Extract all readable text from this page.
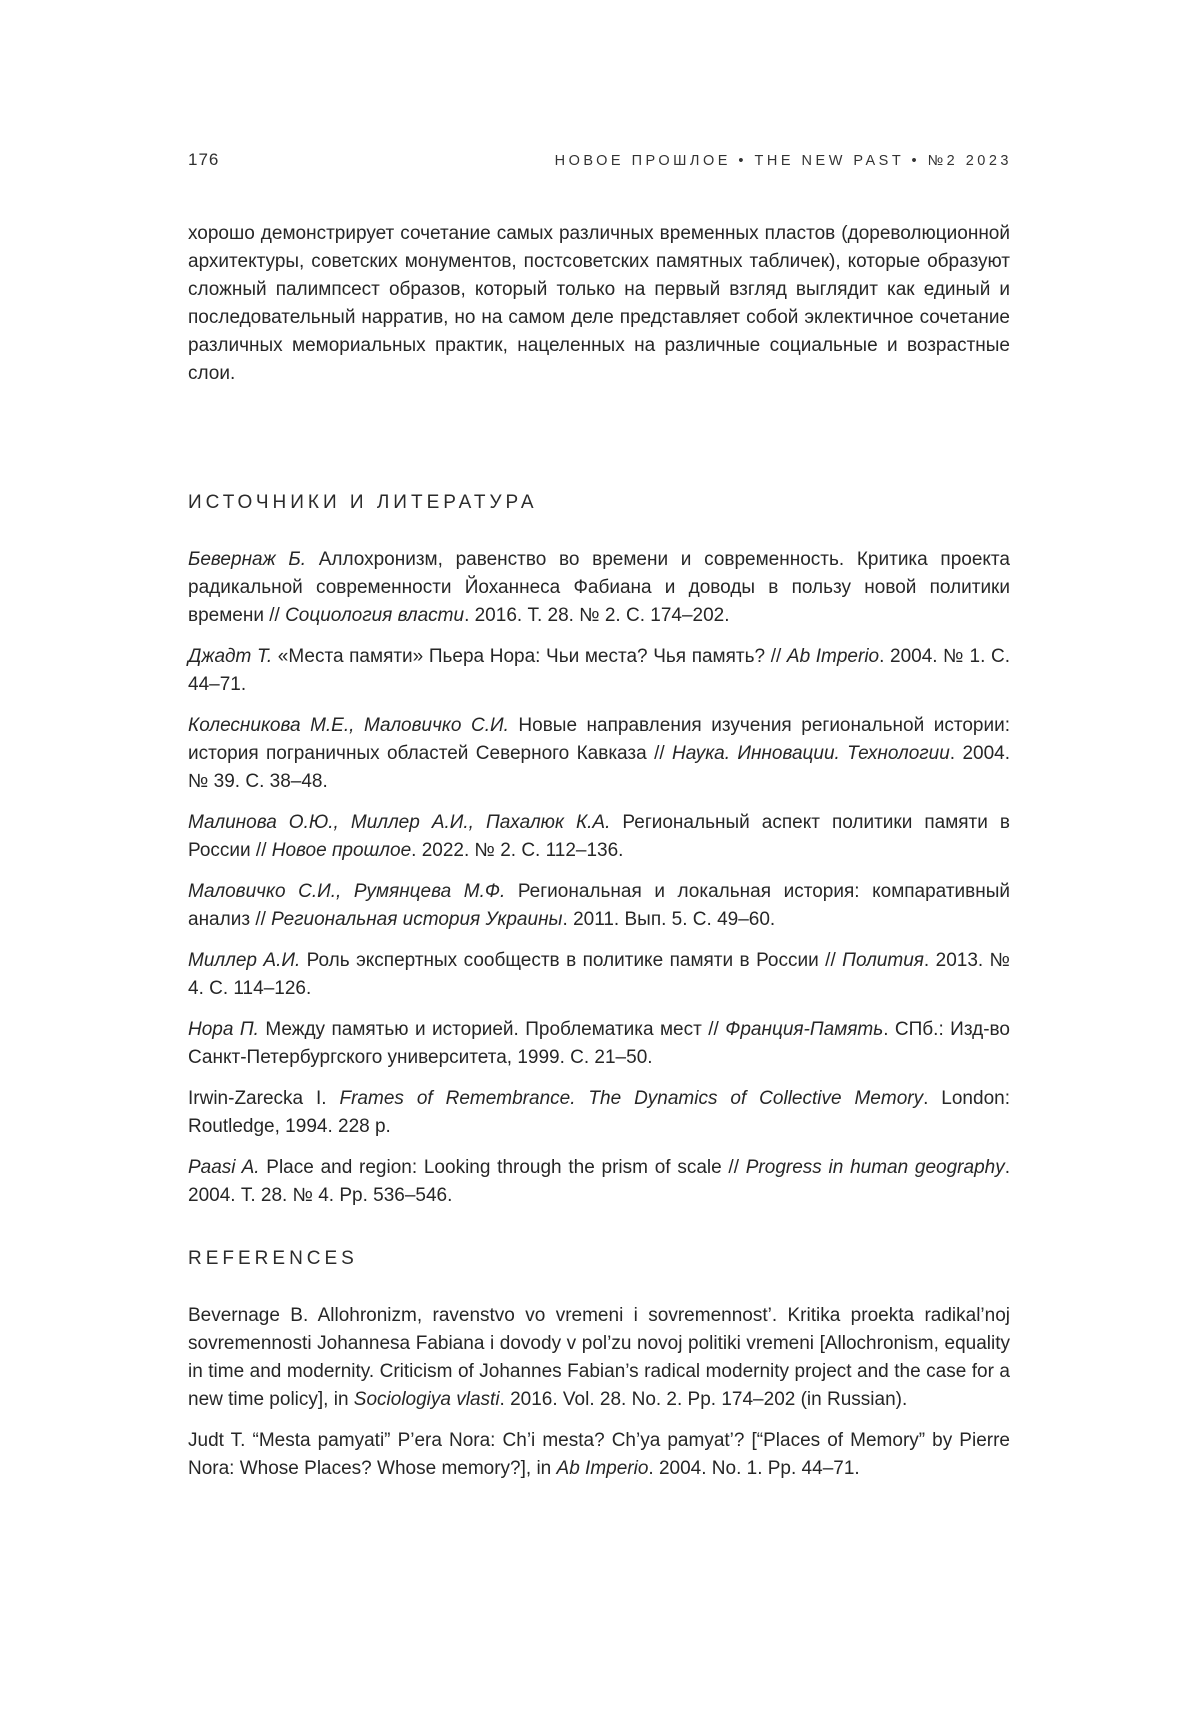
176	НОВОЕ ПРОШЛОЕ • THE NEW PAST • №2 2023

хорошо демонстрирует сочетание самых различных временных пластов (дореволюционной архитектуры, советских монументов, постсоветских памятных табличек), которые образуют сложный палимпсест образов, который только на первый взгляд выглядит как единый и последовательный нарратив, но на самом деле представляет собой эклектичное сочетание различных мемориальных практик, нацеленных на различные социальные и возрастные слои.

ИСТОЧНИКИ И ЛИТЕРАТУРА

Бевернаж Б. Аллохронизм, равенство во времени и современность. Критика проекта радикальной современности Йоханнеса Фабиана и доводы в пользу новой политики времени // Социология власти. 2016. Т. 28. № 2. С. 174–202.

Джадт Т. «Места памяти» Пьера Нора: Чьи места? Чья память? // Ab Imperio. 2004. № 1. С. 44–71.

Колесникова М.Е., Маловичко С.И. Новые направления изучения региональной истории: история пограничных областей Северного Кавказа // Наука. Инновации. Технологии. 2004. № 39. С. 38–48.

Малинова О.Ю., Миллер А.И., Пахалюк К.А. Региональный аспект политики памяти в России // Новое прошлое. 2022. № 2. С. 112–136.

Маловичко С.И., Румянцева М.Ф. Региональная и локальная история: компаративный анализ // Региональная история Украины. 2011. Вып. 5. С. 49–60.

Миллер А.И. Роль экспертных сообществ в политике памяти в России // Полития. 2013. № 4. С. 114–126.

Нора П. Между памятью и историей. Проблематика мест // Франция-Память. СПб.: Изд-во Санкт-Петербургского университета, 1999. С. 21–50.

Irwin-Zarecka I. Frames of Remembrance. The Dynamics of Collective Memory. London: Routledge, 1994. 228 p.

Paasi A. Place and region: Looking through the prism of scale // Progress in human geography. 2004. Т. 28. № 4. Pp. 536–546.

REFERENCES

Bevernage B. Allohronizm, ravenstvo vo vremeni i sovremennost’. Kritika proekta radikal’noj sovremennosti Johannesa Fabiana i dovody v pol’zu novoj politiki vremeni [Allochronism, equality in time and modernity. Criticism of Johannes Fabian’s radical modernity project and the case for a new time policy], in Sociologiya vlasti. 2016. Vol. 28. No. 2. Pp. 174–202 (in Russian).

Judt T. “Mesta pamyati” P’era Nora: Ch’i mesta? Ch’ya pamyat’? [“Places of Memory” by Pierre Nora: Whose Places? Whose memory?], in Ab Imperio. 2004. No. 1. Pp. 44–71.
